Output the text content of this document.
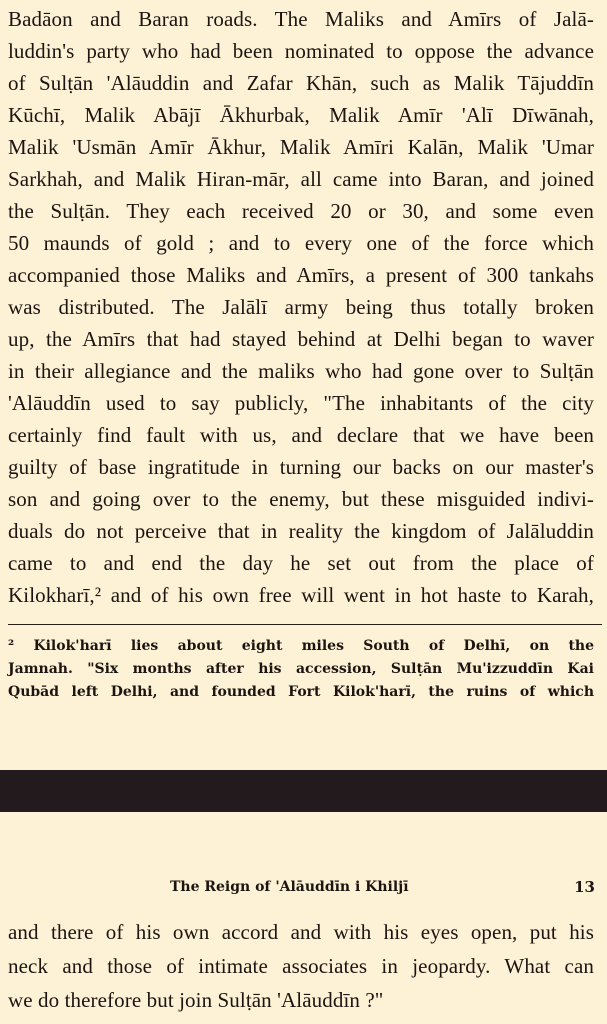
Badāon and Baran roads. The Maliks and Amīrs of Jalā-
luddin's party who had been nominated to oppose the advance
of Sulṭān 'Alāuddin and Zafar Khān, such as Malik Tājuddīn
Kūchī, Malik Abājī Ākhurbak, Malik Amīr 'Alī Dīwānah,
Malik 'Usmān Amīr Ākhur, Malik Amīri Kalān, Malik 'Umar
Sarkhah, and Malik Hiran-mār, all came into Baran, and joined
the Sulṭān. They each received 20 or 30, and some even
50 maunds of gold ; and to every one of the force which
accompanied those Maliks and Amīrs, a present of 300 tankahs
was distributed. The Jalālī army being thus totally broken
up, the Amīrs that had stayed behind at Delhi began to waver
in their allegiance and the maliks who had gone over to Sulṭān
'Alāuddīn used to say publicly, "The inhabitants of the city
certainly find fault with us, and declare that we have been
guilty of base ingratitude in turning our backs on our master's
son and going over to the enemy, but these misguided indivi-
duals do not perceive that in reality the kingdom of Jalāluddin
came to and end the day he set out from the place of
Kilokharī,² and of his own free will went in hot haste to Karah,
² Kilok'harī lies about eight miles South of Delhī, on the
Jamnah. "Six months after his accession, Sulṭān Mu'izzuddīn Kai
Qubād left Delhi, and founded Fort Kilok'harī, the ruins of which
The Reign of 'Alāuddīn i Khiljī	13
and there of his own accord and with his eyes open, put his
neck and those of intimate associates in jeopardy. What can
we do therefore but join Sulṭān 'Alāuddīn ?"
